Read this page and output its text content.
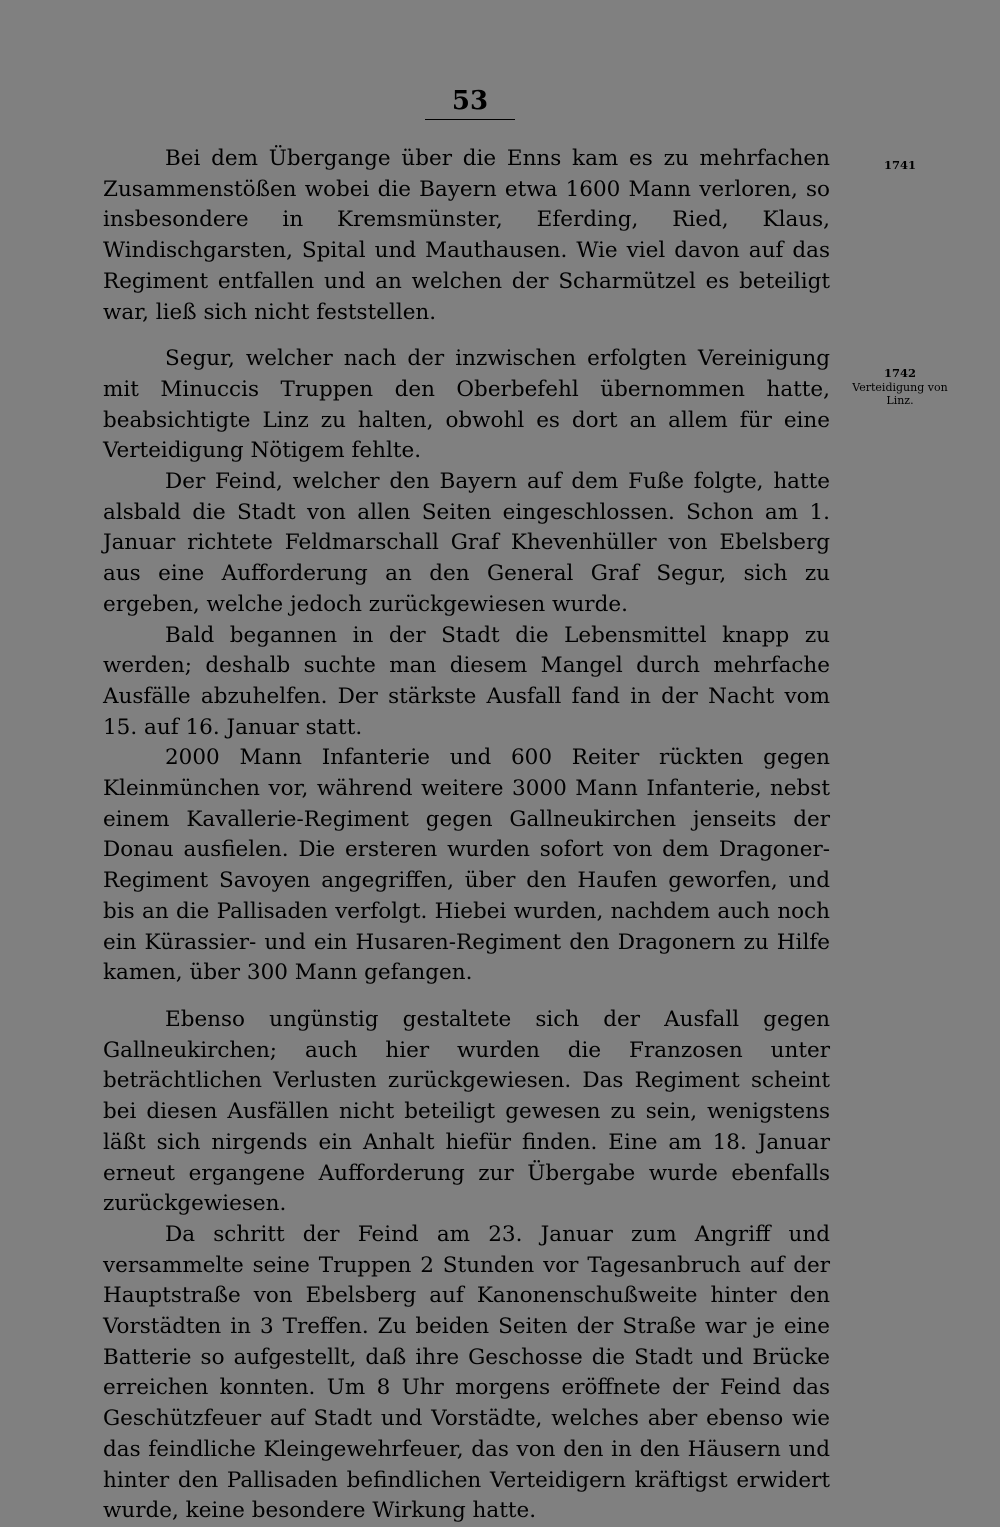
53
1741
1742
Verteidigung von Linz.

Bei dem Übergange über die Enns kam es zu mehrfachen Zusammenstößen wobei die Bayern etwa 1600 Mann verloren, so insbesondere in Kremsmünster, Eferding, Ried, Klaus, Windischgarsten, Spital und Mauthausen. Wie viel davon auf das Regiment entfallen und an welchen der Scharmützel es beteiligt war, ließ sich nicht feststellen.

Segur, welcher nach der inzwischen erfolgten Vereinigung mit Minuccis Truppen den Oberbefehl übernommen hatte, beabsichtigte Linz zu halten, obwohl es dort an allem für eine Verteidigung Nötigem fehlte.

Der Feind, welcher den Bayern auf dem Fuße folgte, hatte alsbald die Stadt von allen Seiten eingeschlossen. Schon am 1. Januar richtete Feldmarschall Graf Khevenhüller von Ebelsberg aus eine Aufforderung an den General Graf Segur, sich zu ergeben, welche jedoch zurückgewiesen wurde.

Bald begannen in der Stadt die Lebensmittel knapp zu werden; deshalb suchte man diesem Mangel durch mehrfache Ausfälle abzuhelfen. Der stärkste Ausfall fand in der Nacht vom 15. auf 16. Januar statt.

2000 Mann Infanterie und 600 Reiter rückten gegen Kleinmünchen vor, während weitere 3000 Mann Infanterie, nebst einem Kavallerie-Regiment gegen Gallneukirchen jenseits der Donau ausfielen. Die ersteren wurden sofort von dem Dragoner-Regiment Savoyen angegriffen, über den Haufen geworfen, und bis an die Pallisaden verfolgt. Hiebei wurden, nachdem auch noch ein Kürassier- und ein Husaren-Regiment den Dragonern zu Hilfe kamen, über 300 Mann gefangen.

Ebenso ungünstig gestaltete sich der Ausfall gegen Gallneukirchen; auch hier wurden die Franzosen unter beträchtlichen Verlusten zurückgewiesen. Das Regiment scheint bei diesen Ausfällen nicht beteiligt gewesen zu sein, wenigstens läßt sich nirgends ein Anhalt hiefür finden. Eine am 18. Januar erneut ergangene Aufforderung zur Übergabe wurde ebenfalls zurückgewiesen.

Da schritt der Feind am 23. Januar zum Angriff und versammelte seine Truppen 2 Stunden vor Tagesanbruch auf der Hauptstraße von Ebelsberg auf Kanonenschußweite hinter den Vorstädten in 3 Treffen. Zu beiden Seiten der Straße war je eine Batterie so aufgestellt, daß ihre Geschosse die Stadt und Brücke erreichen konnten. Um 8 Uhr morgens eröffnete der Feind das Geschützfeuer auf Stadt und Vorstädte, welches aber ebenso wie das feindliche Kleingewehrfeuer, das von den in den Häusern und hinter den Pallisaden befindlichen Verteidigern kräftigst erwidert wurde, keine besondere Wirkung hatte.
